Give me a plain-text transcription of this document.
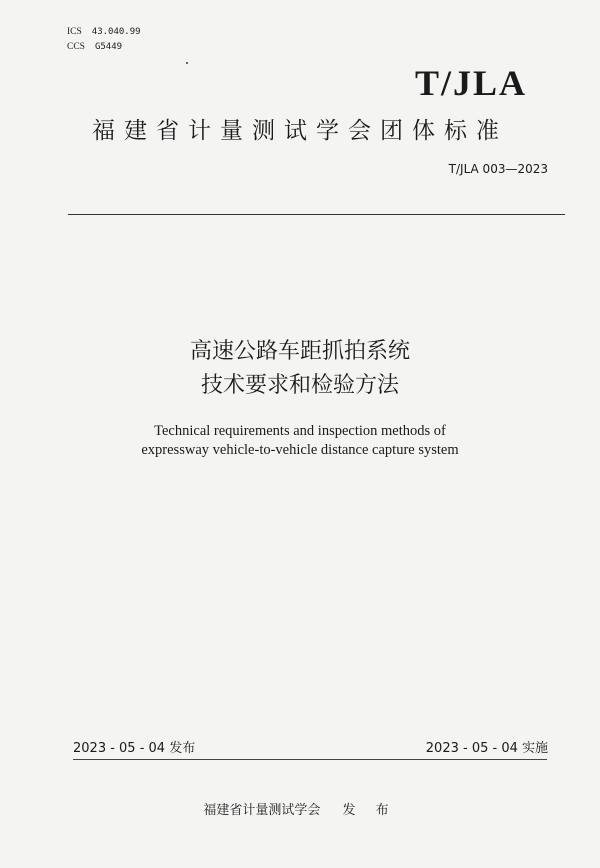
ICS 43.040.99
CCS G5449
T/JLA
福建省计量测试学会团体标准
T/JLA 003—2023
高速公路车距抓拍系统
技术要求和检验方法
Technical requirements and inspection methods of
expressway vehicle-to-vehicle distance capture system
2023 - 05 - 04 发布	2023 - 05 - 04 实施
福建省计量测试学会 发 布
